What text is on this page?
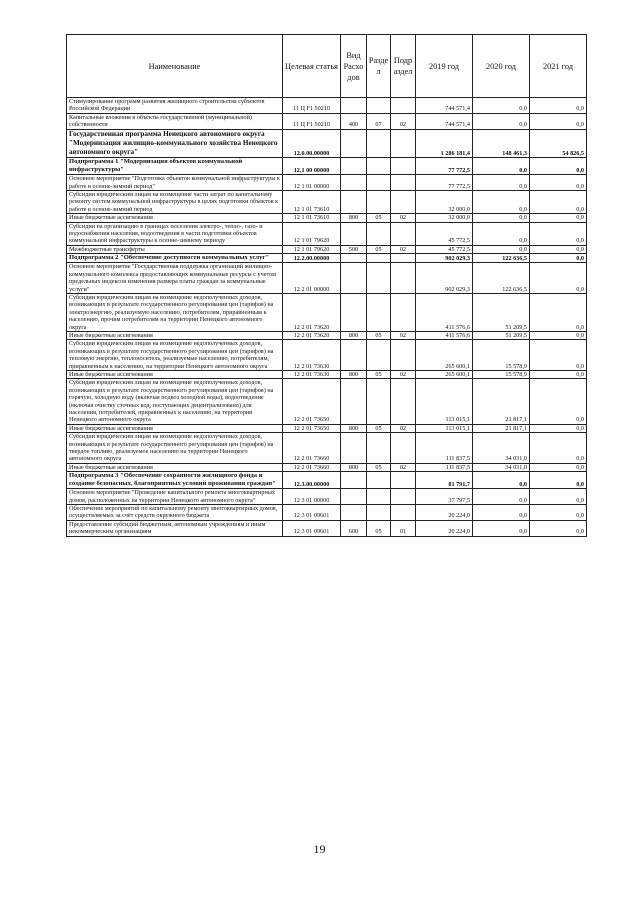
Наименование	Целевая статья	Вид Расхо дов	Разде л	Подр аздел	2019 год	2020 год	2021 год
Стимулирование программ развития жилищного строительства субъектов Российской Федерации	11 Ц F1 50210				744 571,4	0,0	0,0
Капитальные вложения в объекты государственной (муниципальной) собственности	11 Ц F1 50210	400	07	02	744 571,4	0,0	0,0
Государственная программа Ненецкого автономного округа "Модернизация жилищно-коммунального хозяйства Ненецкого автономного округа"	12.0.00.00000				1 286 181,4	148 461,3	54 826,5
Подпрограмма 1 "Модернизация объектов коммунальной инфраструктуры"	12.1 00 00000				77 772,5	0,0	0,0
Основное мероприятие "Подготовка объектов коммунальной инфраструктуры к работе в осенне-зимний период"	12 1 01 00000				77 772,5	0,0	0,0
Субсидии юридическим лицам на возмещение части затрат по капитальному ремонту систем коммунальной инфраструктуры в целях подготовки объектов к работе в осенне-зимний период	12 1 01 73610				32 000,0	0,0	0,0
Иные бюджетные ассигнования	12 1 01 73610	800	05	02	32 000,0	0,0	0,0
Субсидии на организацию в границах поселения электро-, тепло-, газо- и водоснабжения населения, водоотведения в части подготовки объектов коммунальной инфраструктуры к осенне-зимнему периоду	12 1 01 79620				45 772,5	0,0	0,0
Межбюджетные трансферты	12 1 01 79620	500	05	02	45 772,5	0,0	0,0
Подпрограмма 2 "Обеспечение доступности коммунальных услуг"	12.2.00.00000				902 029,3	122 636,5	0,0
Основное мероприятие "Государственная поддержка организаций жилищно-коммунального комплекса предоставляющих коммунальные ресурсы с учетом предельных индексов изменения размера платы граждан за коммунальные услуги"	12 2 01 00000				902 029,3	122 636,5	0,0
Субсидии юридическим лицам на возмещение недополученных доходов, возникающих в результате государственного регулирования цен (тарифов) на электроэнергию, реализуемую населению, потребителям, приравненным к населению, прочим потребителям на территории Ненецкого автономного округа	12 2 01 73620				411 576,6	51 209,5	0,0
Иные бюджетные ассигнования	12 2 01 73620	800	05	02	411 576,6	51 209,5	0,0
Субсидии юридическим лицам на возмещение недополученных доходов, возникающих в результате государственного регулирования цен (тарифов) на тепловую энергию, теплоноситель, реализуемые населению, потребителям, приравненным к населению, на территории Ненецкого автономного округа	12 2 01 73630				265 600,1	15 578,9	0,0
Иные бюджетные ассигнования	12 2 01 73630	800	05	02	265 600,1	15 578,9	0,0
Субсидии юридическим лицам на возмещение недополученных доходов, возникающих в результате государственного регулирования цен (тарифов) на горячую, холодную воду (включая подвоз холодной воды), водоотведение (включая очистку сточных вод, поступающих децентрализовано) для населения, потребителей, приравненных к населению, на территории Ненецкого автономного округа	12 2 01 73650				113 015,1	21 817,1	0,0
Иные бюджетные ассигнования	12 2 01 73650	800	05	02	113 015,1	21 817,1	0,0
Субсидии юридическим лицам на возмещение недополученных доходов, возникающих в результате государственного регулирования цен (тарифов) на твердое топливо, реализуемое населению на территории Ненецкого автономного округа	12 2 01 73660				111 837,5	34 031,0	0,0
Иные бюджетные ассигнования	12 2 01 73660	800	05	02	111 837,5	34 031,0	0,0
Подпрограмма 3 "Обеспечение сохранности жилищного фонда и создание безопасных, благоприятных условий проживания граждан"	12.3.00.00000				81 791,7	0,0	0,0
Основное мероприятие "Проведение капитального ремонта многоквартирных домов, расположенных на территории Ненецкого автономного округа"	12 3 01 00000				37 797,5	0,0	0,0
Обеспечение мероприятий по капитальному ремонту многоквартирных домов, осуществляемых за счёт средств окружного бюджета	12 3 01 09601				20 224,0	0,0	0,0
Предоставление субсидий бюджетным, автономным учреждениям и иным некоммерческим организациям	12 3 01 09601	600	05	01	20 224,0	0,0	0,0
19
